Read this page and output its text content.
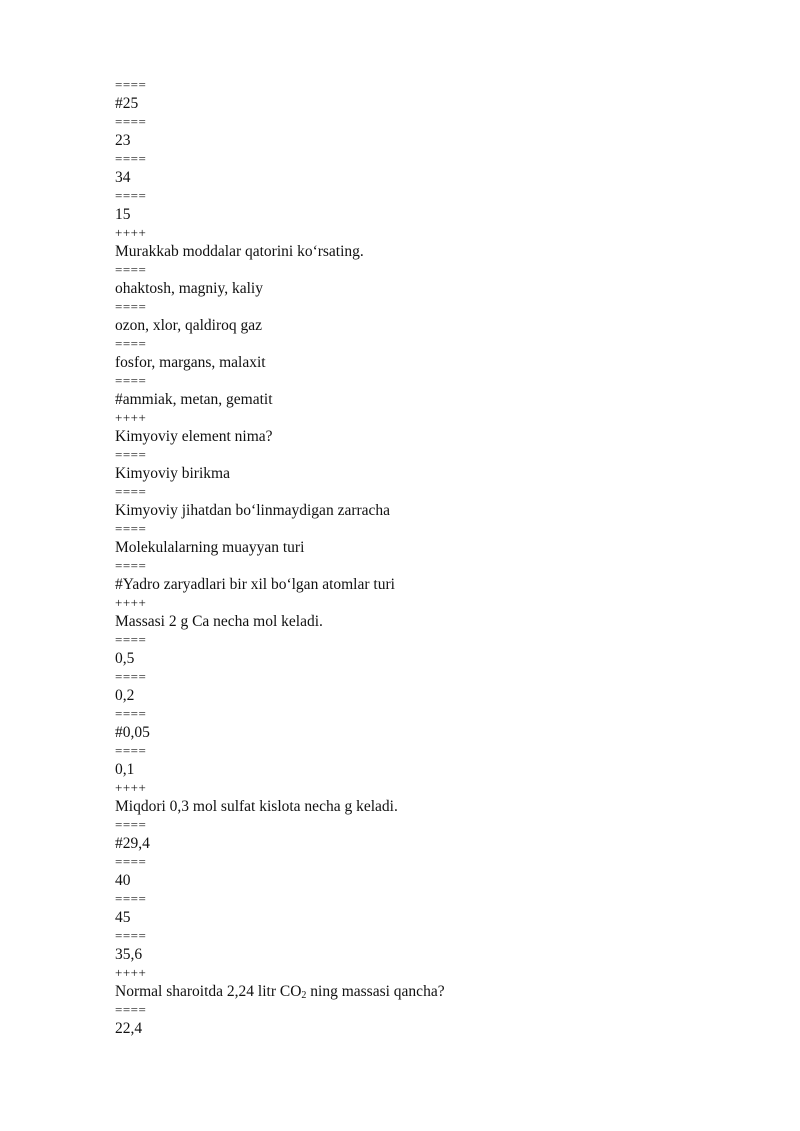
====
#25
====
23
====
34
====
15
++++
Murakkab moddalar qatorini ko‘rsating.
====
ohaktosh, magniy, kaliy
====
ozon, xlor, qaldiroq gaz
====
fosfor, margans, malaxit
====
#ammiak, metan, gematit
++++
Kimyoviy element nima?
====
Kimyoviy birikma
====
Kimyoviy jihatdan bo‘linmaydigan zarracha
====
Molekulalarning muayyan turi
====
#Yadro zaryadlari bir xil bo‘lgan atomlar turi
++++
Massasi 2 g Ca necha mol keladi.
====
0,5
====
0,2
====
#0,05
====
0,1
++++
Miqdori 0,3 mol sulfat kislota necha g keladi.
====
#29,4
====
40
====
45
====
35,6
++++
Normal sharoitda 2,24 litr $CO_2$ ning massasi qancha?
====
22,4
